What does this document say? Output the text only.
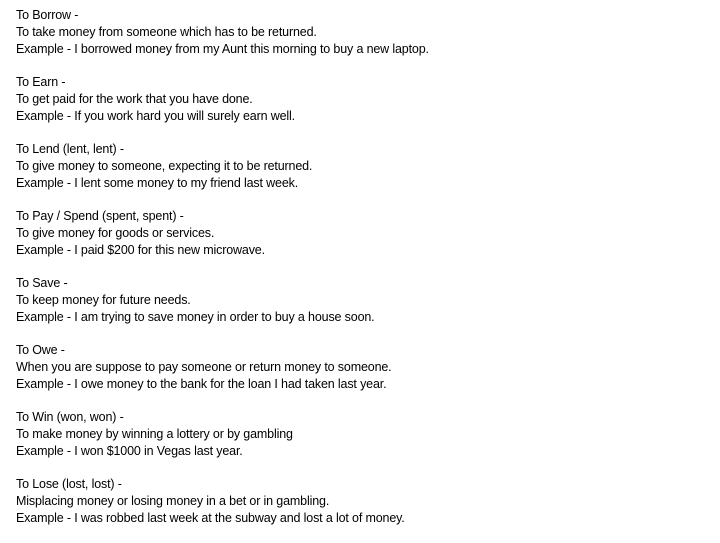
To Borrow -
To take money from someone which has to be returned.
Example - I borrowed money from my Aunt this morning to buy a new laptop.
To Earn -
To get paid for the work that you have done.
Example - If you work hard you will surely earn well.
To Lend (lent, lent) -
To give money to someone, expecting it to be returned.
Example - I lent some money to my friend last week.
To Pay / Spend (spent, spent) -
To give money for goods or services.
Example - I paid $200 for this new microwave.
To Save -
To keep money for future needs.
Example - I am trying to save money in order to buy a house soon.
To Owe -
When you are suppose to pay someone or return money to someone.
Example - I owe money to the bank for the loan I had taken last year.
To Win (won, won) -
To make money by winning a lottery or by gambling
Example - I won $1000 in Vegas last year.
To Lose (lost, lost) -
Misplacing money or losing money in a bet or in gambling.
Example - I was robbed last week at the subway and lost a lot of money.
